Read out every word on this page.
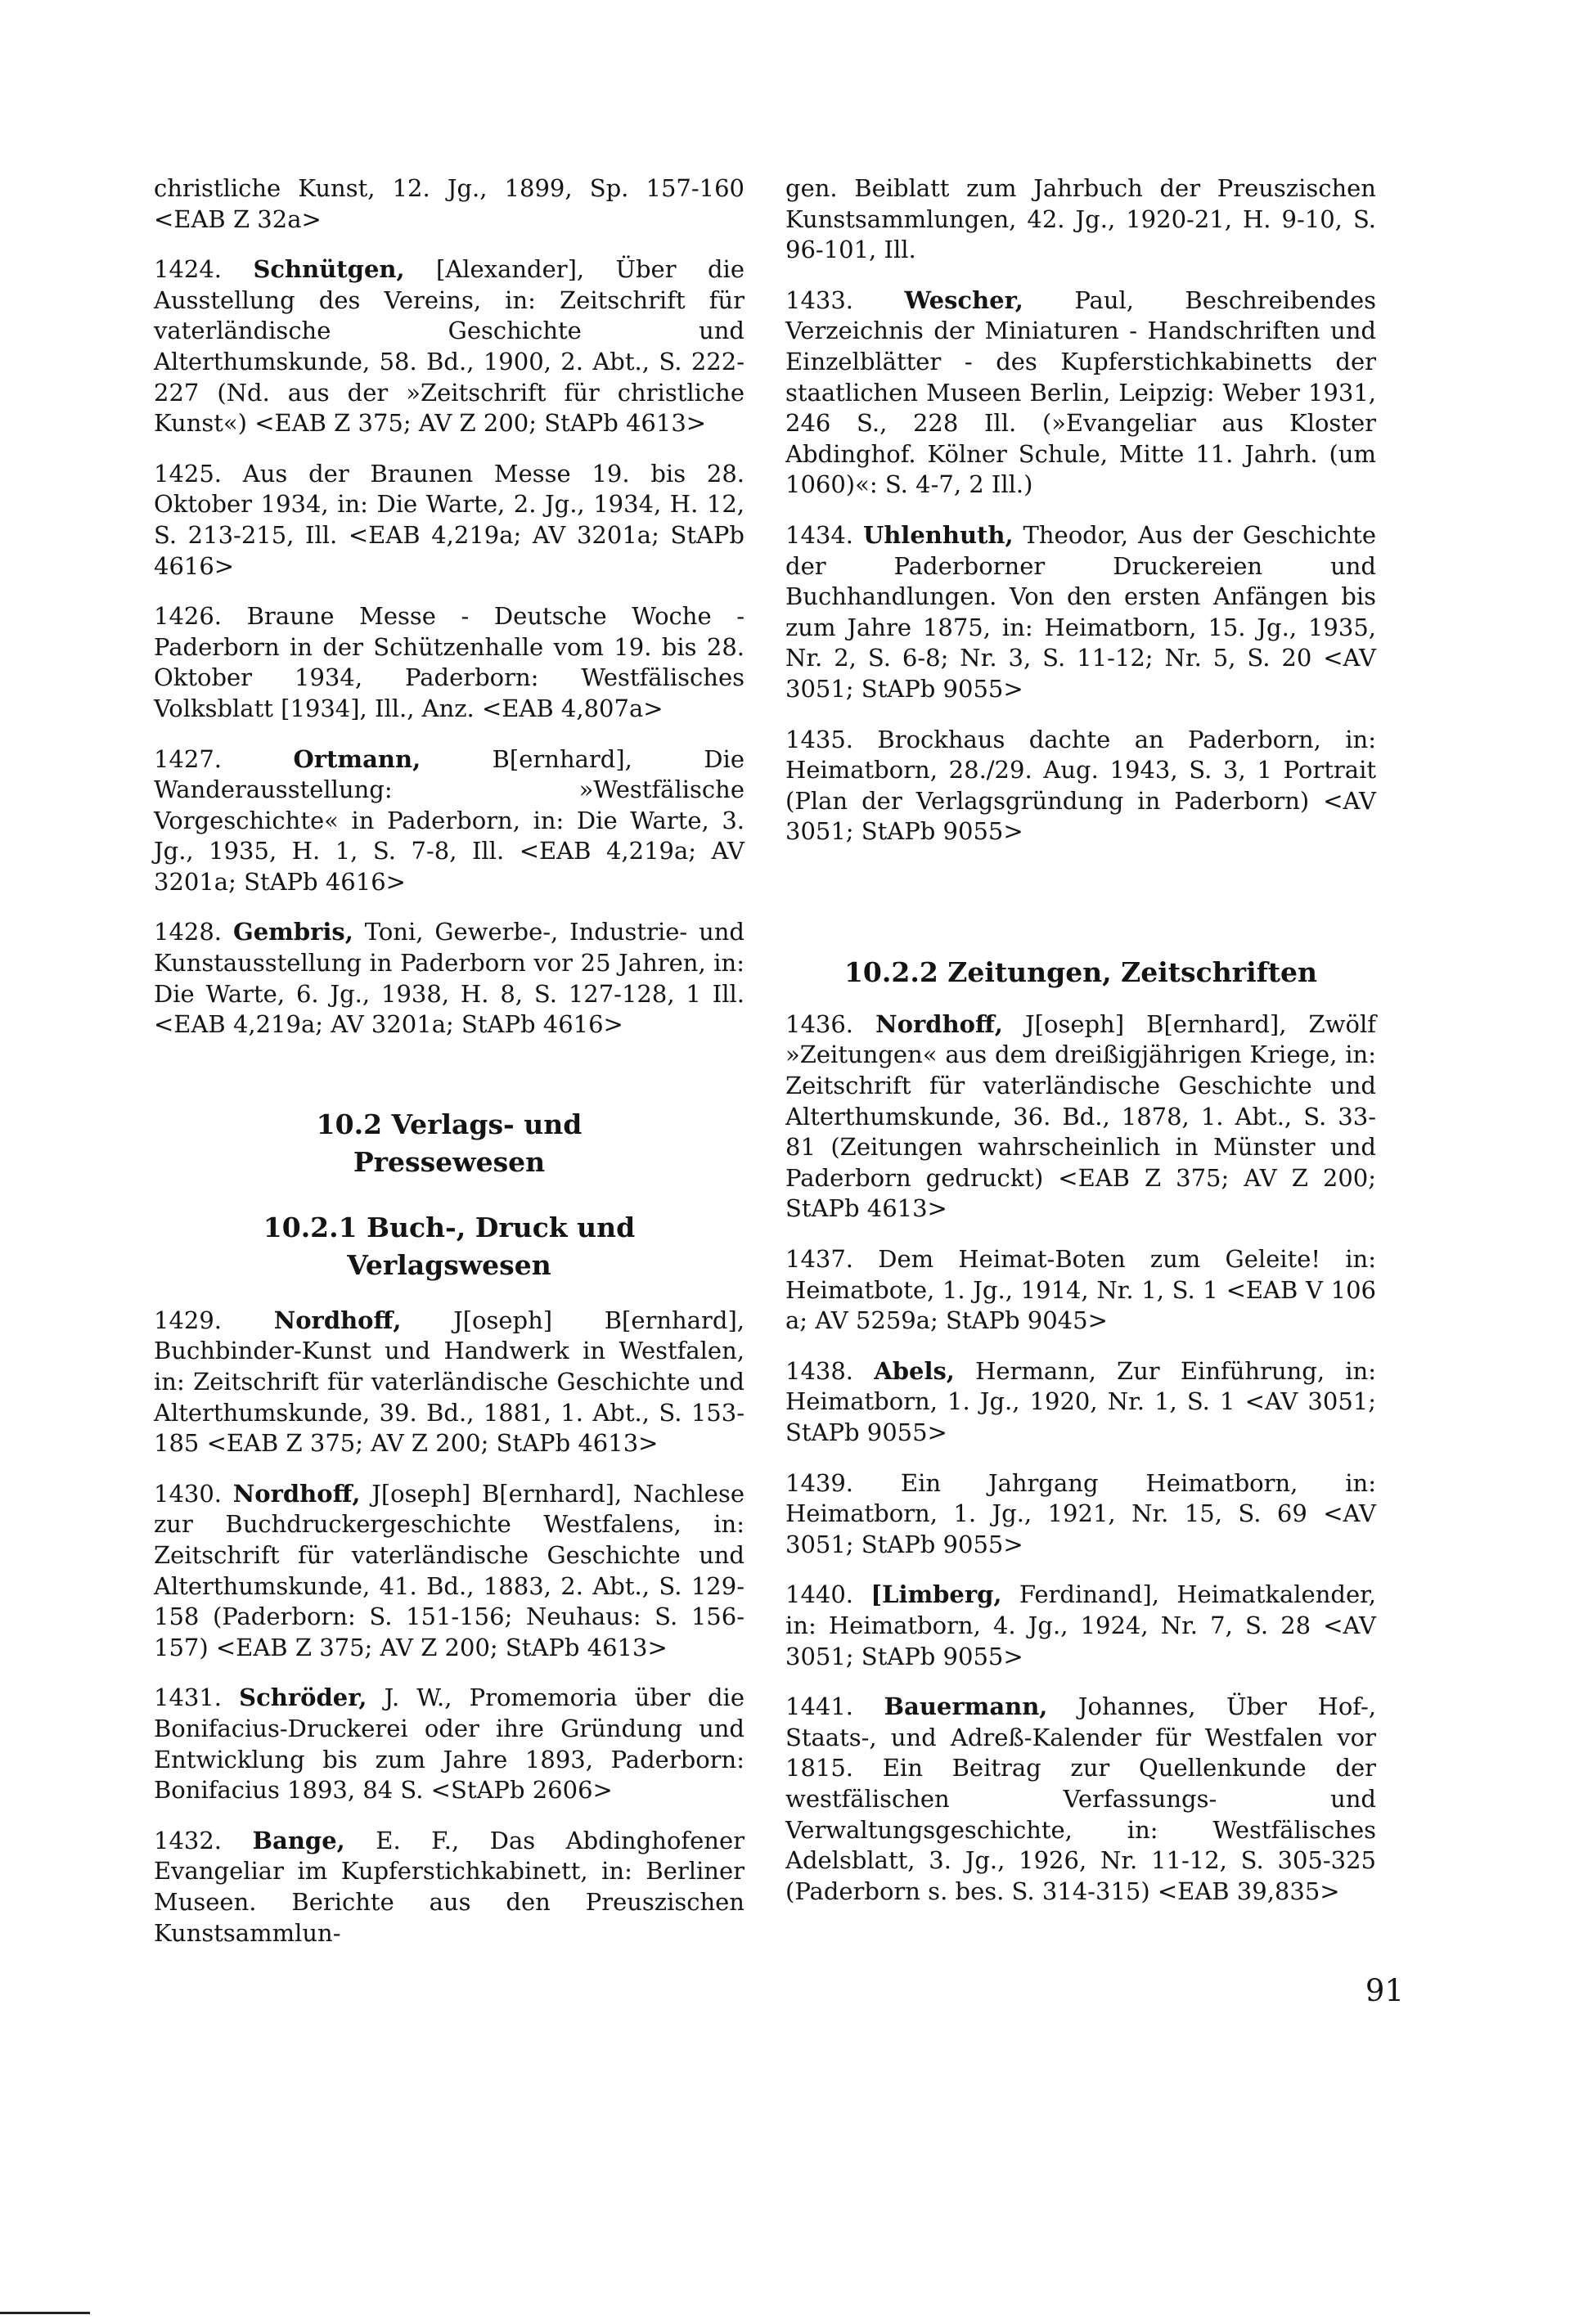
christliche Kunst, 12. Jg., 1899, Sp. 157-160 <EAB Z 32a>

1424. Schnütgen, [Alexander], Über die Ausstellung des Vereins, in: Zeitschrift für vaterländische Geschichte und Alterthumskunde, 58. Bd., 1900, 2. Abt., S. 222-227 (Nd. aus der »Zeitschrift für christliche Kunst«) <EAB Z 375; AV Z 200; StAPb 4613>

1425. Aus der Braunen Messe 19. bis 28. Oktober 1934, in: Die Warte, 2. Jg., 1934, H. 12, S. 213-215, Ill. <EAB 4,219a; AV 3201a; StAPb 4616>

1426. Braune Messe - Deutsche Woche - Paderborn in der Schützenhalle vom 19. bis 28. Oktober 1934, Paderborn: Westfälisches Volksblatt [1934], Ill., Anz. <EAB 4,807a>

1427.	Ortmann, B[ernhard], Die Wanderausstellung: »Westfälische Vorgeschichte« in Paderborn, in: Die Warte, 3. Jg., 1935, H. 1, S. 7-8, Ill. <EAB 4,219a; AV 3201a; StAPb 4616>

1428. Gembris, Toni, Gewerbe-, Industrie- und Kunstausstellung in Paderborn vor 25 Jahren, in: Die Warte, 6. Jg., 1938, H. 8, S. 127-128, 1 Ill. <EAB 4,219a; AV 3201a; StAPb 4616>

10.2 Verlags- und
Pressewesen

10.2.1 Buch-, Druck und
Verlagswesen

1429. Nordhoff, J[oseph] B[ernhard], Buchbinder-Kunst und Handwerk in Westfalen, in: Zeitschrift für vaterländische Geschichte und Alterthumskunde, 39. Bd., 1881, 1. Abt., S. 153-185 <EAB Z 375; AV Z 200; StAPb 4613>

1430. Nordhoff, J[oseph] B[ernhard], Nachlese zur Buchdruckergeschichte Westfalens, in: Zeitschrift für vaterländische Geschichte und Alterthumskunde, 41. Bd., 1883, 2. Abt., S. 129-158 (Paderborn: S. 151-156; Neuhaus: S. 156-157) <EAB Z 375; AV Z 200; StAPb 4613>

1431. Schröder, J. W., Promemoria über die Bonifacius-Druckerei oder ihre Gründung und Entwicklung bis zum Jahre 1893, Paderborn: Bonifacius 1893, 84 S. <StAPb 2606>

1432. Bange, E. F., Das Abdinghofener Evangeliar im Kupferstichkabinett, in: Berliner Museen. Berichte aus den Preuszischen Kunstsammlun-

gen. Beiblatt zum Jahrbuch der Preuszischen Kunstsammlungen, 42. Jg., 1920-21, H. 9-10, S. 96-101, Ill.

1433. Wescher, Paul, Beschreibendes Verzeichnis der Miniaturen - Handschriften und Einzelblätter - des Kupferstichkabinetts der staatlichen Museen Berlin, Leipzig: Weber 1931, 246 S., 228 Ill. (»Evangeliar aus Kloster Abdinghof. Kölner Schule, Mitte 11. Jahrh. (um 1060)«: S. 4-7, 2 Ill.)

1434. Uhlenhuth, Theodor, Aus der Geschichte der Paderborner Druckereien und Buchhandlungen. Von den ersten Anfängen bis zum Jahre 1875, in: Heimatborn, 15. Jg., 1935, Nr. 2, S. 6-8; Nr. 3, S. 11-12; Nr. 5, S. 20 <AV 3051; StAPb 9055>

1435. Brockhaus dachte an Paderborn, in: Heimatborn, 28./29. Aug. 1943, S. 3, 1 Portrait (Plan der Verlagsgründung in Paderborn) <AV 3051; StAPb 9055>

10.2.2 Zeitungen, Zeitschriften

1436. Nordhoff, J[oseph] B[ernhard], Zwölf »Zeitungen« aus dem dreißigjährigen Kriege, in: Zeitschrift für vaterländische Geschichte und Alterthumskunde, 36. Bd., 1878, 1. Abt., S. 33-81 (Zeitungen wahrscheinlich in Münster und Paderborn gedruckt) <EAB Z 375; AV Z 200; StAPb 4613>

1437. Dem Heimat-Boten zum Geleite! in: Heimatbote, 1. Jg., 1914, Nr. 1, S. 1 <EAB V 106 a; AV 5259a; StAPb 9045>

1438. Abels, Hermann, Zur Einführung, in: Heimatborn, 1. Jg., 1920, Nr. 1, S. 1 <AV 3051; StAPb 9055>

1439. Ein Jahrgang Heimatborn, in: Heimatborn, 1. Jg., 1921, Nr. 15, S. 69 <AV 3051; StAPb 9055>

1440. [Limberg, Ferdinand], Heimatkalender, in: Heimatborn, 4. Jg., 1924, Nr. 7, S. 28 <AV 3051; StAPb 9055>

1441. Bauermann, Johannes, Über Hof-, Staats-, und Adreß-Kalender für Westfalen vor 1815. Ein Beitrag zur Quellenkunde der westfälischen Verfassungs- und Verwaltungsgeschichte, in: Westfälisches Adelsblatt, 3. Jg., 1926, Nr. 11-12, S. 305-325 (Paderborn s. bes. S. 314-315) <EAB 39,835>

91
